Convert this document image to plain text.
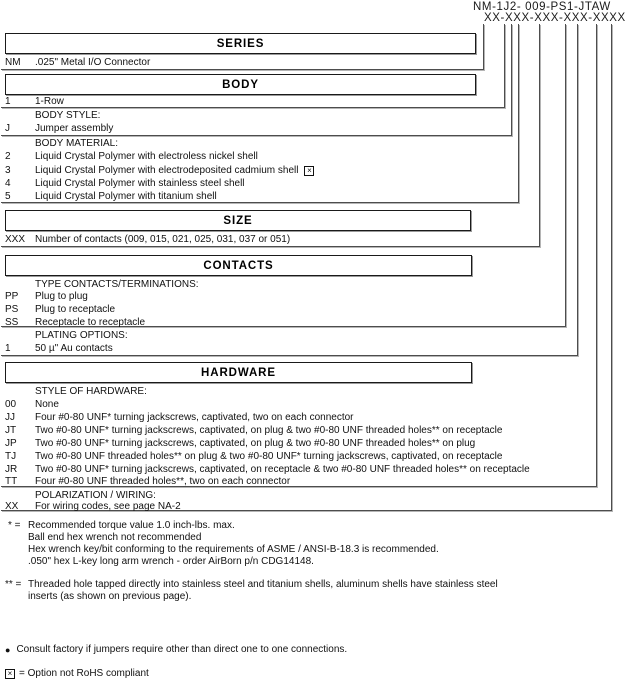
NM-1J2- 009-PS1-JTAW
XX-XXX-XXX-XXX-XXXX
SERIES
NM	.025" Metal I/O Connector
BODY
1	1-Row
BODY STYLE:
J	Jumper assembly
BODY MATERIAL:
2	Liquid Crystal Polymer with electroless nickel shell
3	Liquid Crystal Polymer with electrodeposited cadmium shell	×
4	Liquid Crystal Polymer with stainless steel shell
5	Liquid Crystal Polymer with titanium shell
SIZE
XXX Number of contacts (009, 015, 021, 025, 031, 037 or 051)
CONTACTS
TYPE CONTACTS/TERMINATIONS:
PP	Plug to plug
PS	Plug to receptacle
SS	Receptacle to receptacle
PLATING OPTIONS:
1	50 µ" Au contacts
HARDWARE
STYLE OF HARDWARE:
00	None
JJ	Four #0-80 UNF* turning jackscrews, captivated, two on each connector
JT	Two #0-80 UNF* turning jackscrews, captivated, on plug & two #0-80 UNF threaded holes** on receptacle
JP	Two #0-80 UNF* turning jackscrews, captivated, on plug & two #0-80 UNF threaded holes** on plug
TJ	Two #0-80 UNF threaded holes** on plug & two #0-80 UNF* turning jackscrews, captivated, on receptacle
JR	Two #0-80 UNF* turning jackscrews, captivated, on receptacle & two #0-80 UNF threaded holes** on receptacle
TT	Four #0-80 UNF threaded holes**, two on each connector
POLARIZATION / WIRING:
XX	For wiring codes, see page NA-2
* = Recommended torque value 1.0 inch-lbs. max.
Ball end hex wrench not recommended
Hex wrench key/bit conforming to the requirements of ASME / ANSI-B-18.3 is recommended.
.050" hex L-key long arm wrench - order AirBorn p/n CDG14148.
** = Threaded hole tapped directly into stainless steel and titanium shells, aluminum shells have stainless steel
inserts (as shown on previous page).
● Consult factory if jumpers require other than direct one to one connections.
× = Option not RoHS compliant
